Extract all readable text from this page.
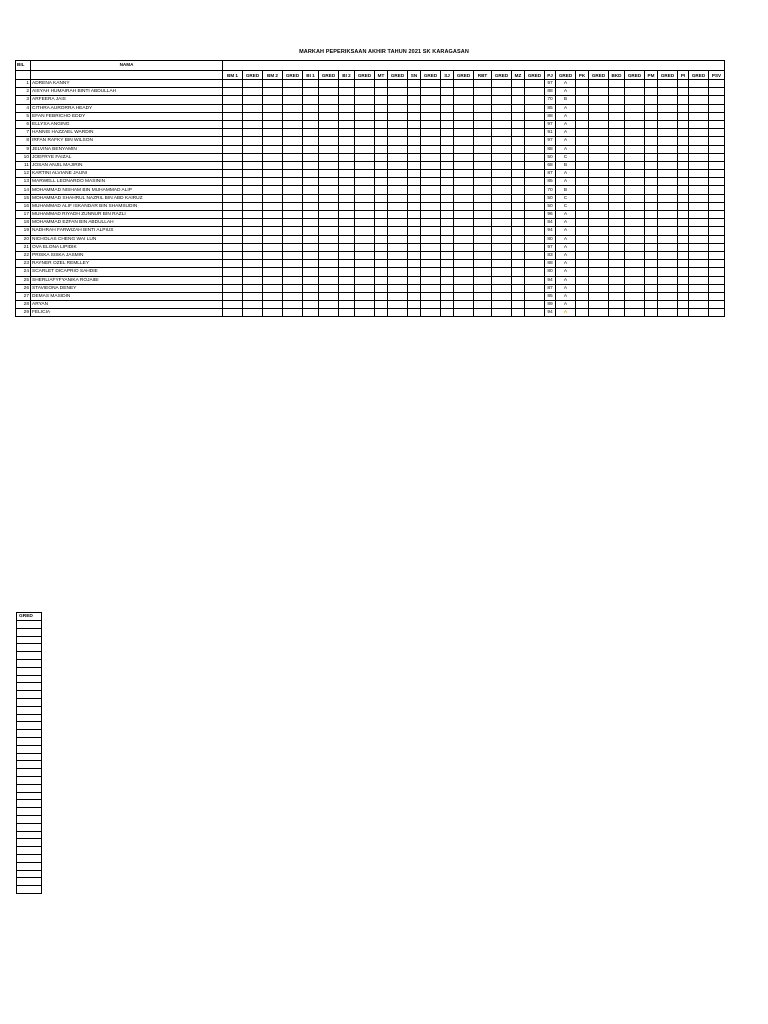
MARKAH PEPERIKSAAN AKHIR TAHUN 2021 SK KARAGASAN
BIL	NAMA																													
		BM 1	GRED	BM 2	GRED	BI 1	GRED	BI 2	GRED	MT	GRED	SN	GRED	SJ	GRED	RBT	GRED	MZ	GRED	PJ	GRED	PK	GRED	BKD	GRED	PM	GRED	PI	GRED	PSV
1	ADRENA KANNY																			97	A									
2	AISYAH HUMAIRAH BINTI ABDULLAH																			88	A									
3	ARFEERA JAIS																			70	B									
4	CITHRA AURORRA HEADY																			85	A									
5	EFAN FEBRICHO EDDY																			88	A									
6	ELLYSA ANGING																			97	A									
7	HANNIS HAZZAEL WARDIN																			91	A									
8	IRFAN RAFKY BIN WILSON																			97	A									
9	JELVINA BENYAMIN																			88	A									
10	JOEFRYE FAIZAL																			50	C									
11	JOSAN ANJIL MAJIRIN																			68	B									
12	KARTINI ALVIANE JAUNI																			87	A									
13	MARWELL LEONARDO MASININ																			85	A									
14	MOHAMMAD NISHAM BIN MUHAMMAD ALIP																			70	B									
15	MOHAMMAD SHAHRUL NAZRIL BIN ABD KAIRUZ																			50	C									
16	MUHAMMAD ALIF ISKANDAR BIN SHAMSUDIN																			50	C									
17	MUHAMMAD RIYADH ZUNNUR BIN RAZLI																			96	A									
18	MOHAMMAD EZFAN BIN ABDULLAH																			84	A									
19	NADHRAH FARWIZAH BINTI ALPIUS																			94	A									
20	NICHOLAS CHENG WAI LUN																			80	A									
21	OVA ELONA LIPIDIK																			97	A									
22	PRISKA SISKA JASMIN																			83	A									
23	RAYNER OZEL REMLLEY																			88	A									
24	SCARLET DICAPRIO SAHDIE																			80	A									
25	SHERLIAFYFYANIKA ROJAIBI																			94	A									
26	STAVIEONA DENEY																			87	A									
27	DEMAS MASIDIN																			85	A									
28	ARYAN																			89	A									
29	FELICIA																			94	A									
GRED
